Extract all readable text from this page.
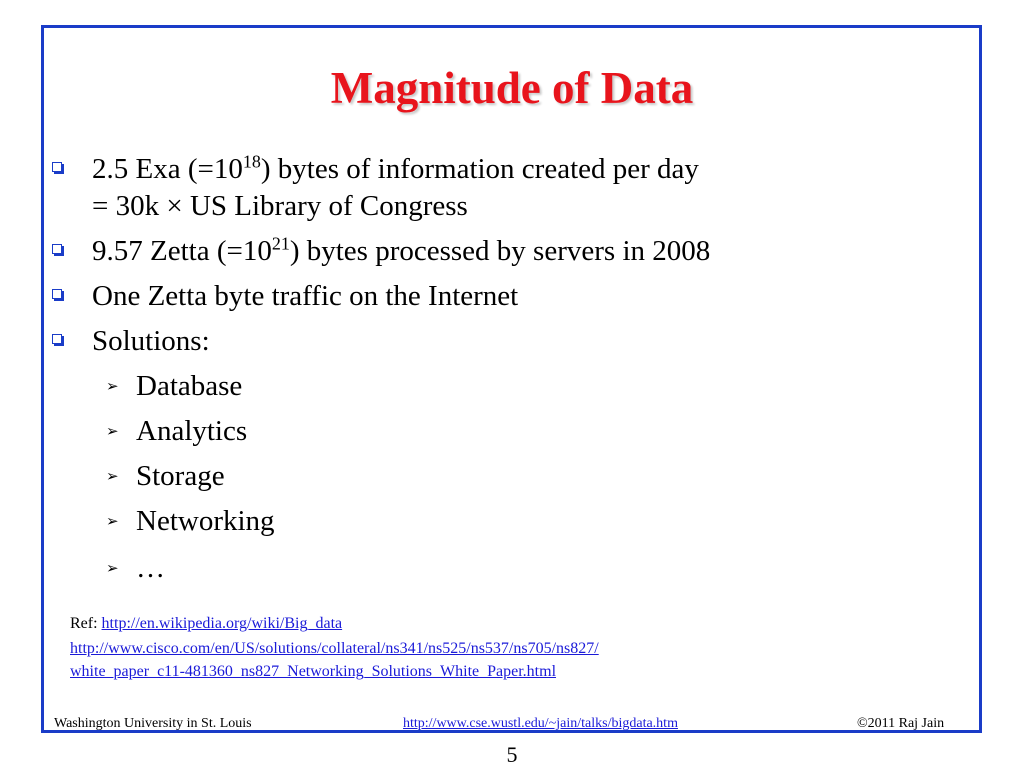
Magnitude of Data
2.5 Exa $(=10^{18})$ bytes of information created per day
= 30k × US Library of Congress
9.57 Zetta $(=10^{21})$ bytes processed by servers in 2008
One Zetta byte traffic on the Internet
Solutions:
➢ Database
➢ Analytics
➢ Storage
➢ Networking
➢ …
Ref: http://en.wikipedia.org/wiki/Big_data
http://www.cisco.com/en/US/solutions/collateral/ns341/ns525/ns537/ns705/ns827/
white_paper_c11-481360_ns827_Networking_Solutions_White_Paper.html
Washington University in St. Louis	http://www.cse.wustl.edu/~jain/talks/bigdata.htm	©2011 Raj Jain
5
